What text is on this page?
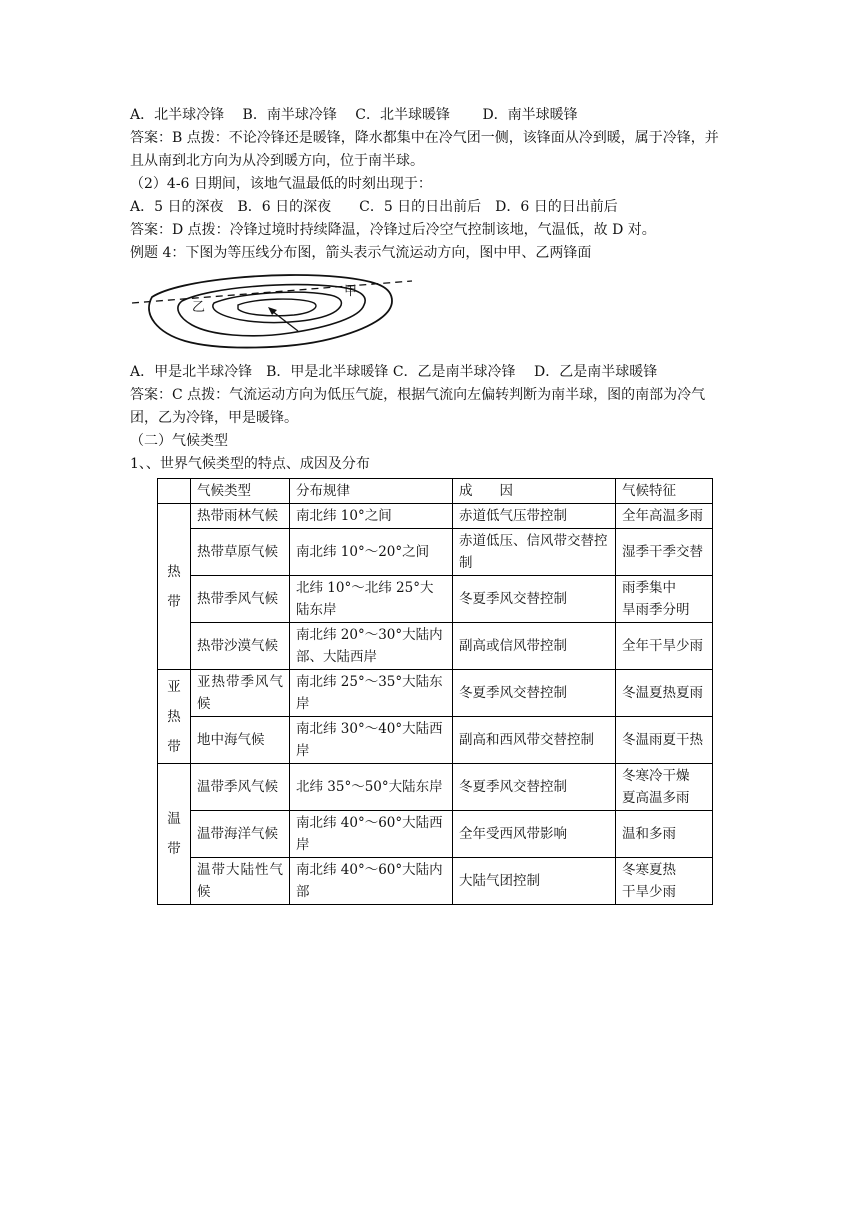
A．北半球冷锋　 B．南半球冷锋　 C．北半球暖锋　　 D．南半球暖锋
答案：B 点拨：不论冷锋还是暖锋，降水都集中在冷气团一侧，该锋面从冷到暖，属于冷锋，并且从南到北方向为从冷到暖方向，位于南半球。
（2）4-6 日期间，该地气温最低的时刻出现于：
A．5 日的深夜　B．6 日的深夜　　C．5 日的日出前后　D．6 日的日出前后
答案：D 点拨：冷锋过境时持续降温，冷锋过后冷空气控制该地，气温低，故 D 对。
例题 4：下图为等压线分布图，箭头表示气流运动方向，图中甲、乙两锋面
乙
甲
A．甲是北半球冷锋　B．甲是北半球暖锋 C．乙是南半球冷锋　 D．乙是南半球暖锋
答案：C 点拨：气流运动方向为低压气旋，根据气流向左偏转判断为南半球，图的南部为冷气团，乙为冷锋，甲是暖锋。
（二）气候类型
1、、世界气候类型的特点、成因及分布
	气候类型	分布规律	成　　因	气候特征

热
带	热带雨林气候	南北纬 10°之间	赤道低气压带控制	全年高温多雨
	热带草原气候	南北纬 10°～20°之间	赤道低压、信风带交替控制	湿季干季交替
	热带季风气候	北纬 10°～北纬 25°大陆东岸	冬夏季风交替控制	雨季集中
旱雨季分明
	热带沙漠气候	南北纬 20°～30°大陆内部、大陆西岸	副高或信风带控制	全年干旱少雨

亚
热
带	亚热带季风气候	南北纬 25°～35°大陆东岸	冬夏季风交替控制	冬温夏热夏雨
	地中海气候	南北纬 30°～40°大陆西岸	副高和西风带交替控制	冬温雨夏干热

温
带	温带季风气候	北纬 35°～50°大陆东岸	冬夏季风交替控制	冬寒冷干燥
夏高温多雨
	温带海洋气候	南北纬 40°～60°大陆西岸	全年受西风带影响	温和多雨
	温带大陆性气候	南北纬 40°～60°大陆内部	大陆气团控制	冬寒夏热
干旱少雨
